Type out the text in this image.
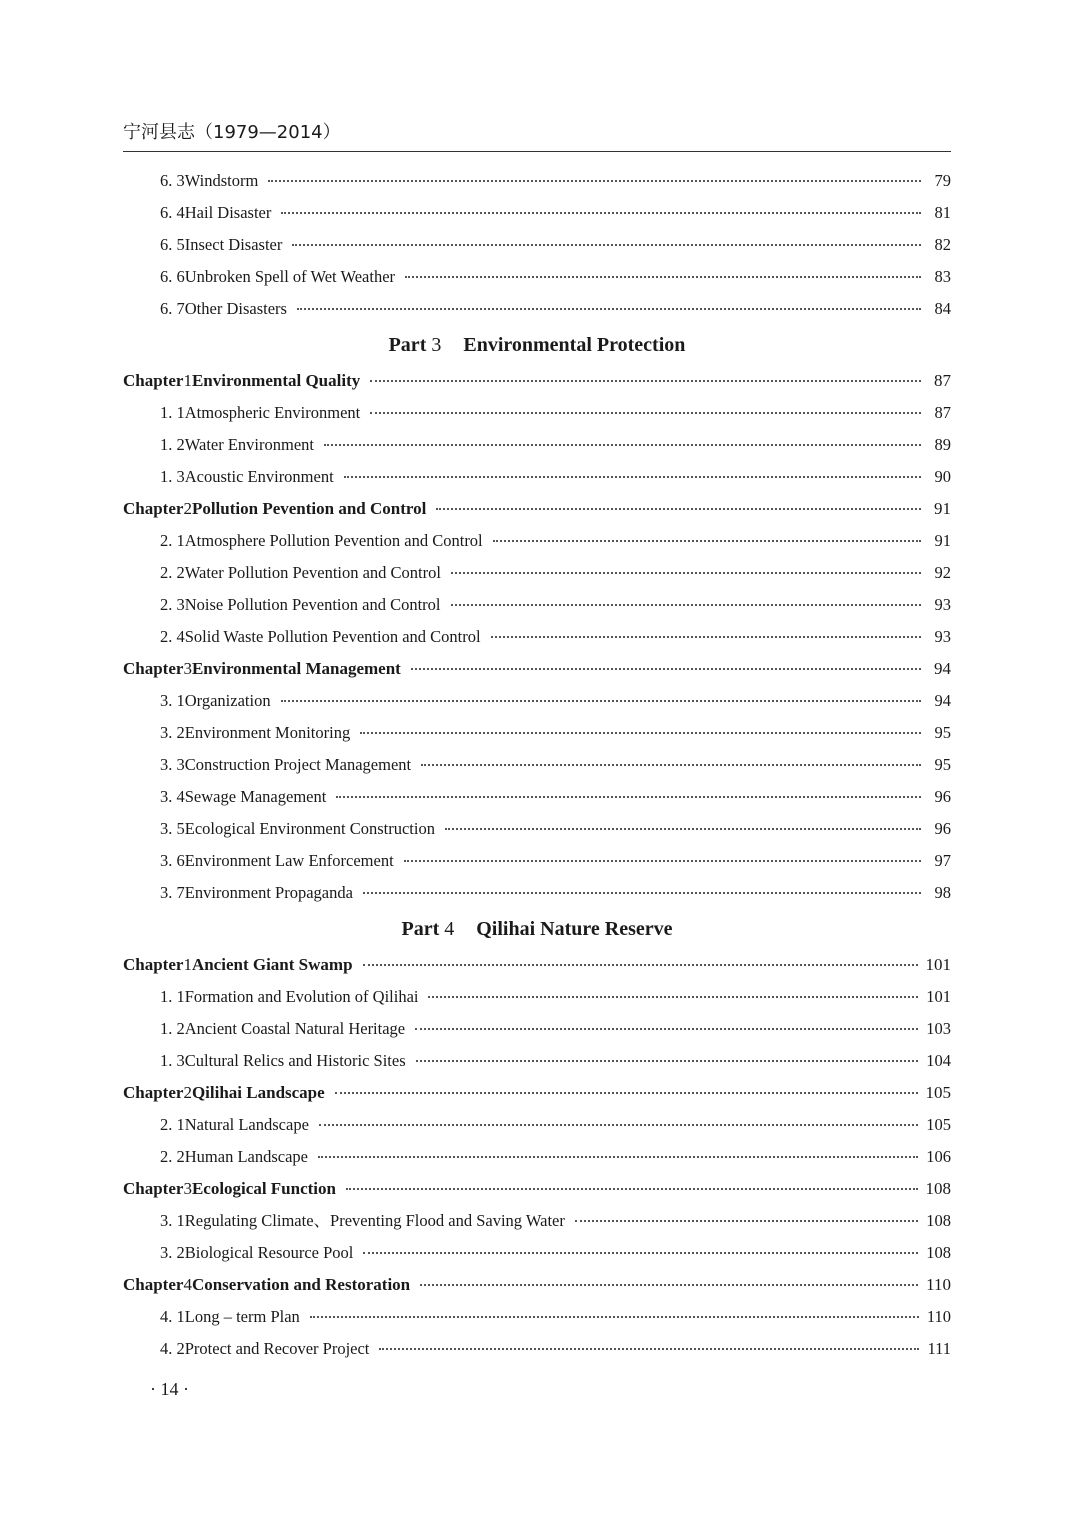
宁河县志（1979—2014）
6. 3 Windstorm	79
6. 4 Hail Disaster	81
6. 5 Insect Disaster	82
6. 6 Unbroken Spell of Wet Weather	83
6. 7 Other Disasters	84
Part 3 Environmental Protection
Chapter 1 Environmental Quality	87
1. 1 Atmospheric Environment	87
1. 2 Water Environment	89
1. 3 Acoustic Environment	90
Chapter 2 Pollution Pevention and Control	91
2. 1 Atmosphere Pollution Pevention and Control	91
2. 2 Water Pollution Pevention and Control	92
2. 3 Noise Pollution Pevention and Control	93
2. 4 Solid Waste Pollution Pevention and Control	93
Chapter 3 Environmental Management	94
3. 1 Organization	94
3. 2 Environment Monitoring	95
3. 3 Construction Project Management	95
3. 4 Sewage Management	96
3. 5 Ecological Environment Construction	96
3. 6 Environment Law Enforcement	97
3. 7 Environment Propaganda	98
Part 4 Qilihai Nature Reserve
Chapter 1 Ancient Giant Swamp	101
1. 1 Formation and Evolution of Qilihai	101
1. 2 Ancient Coastal Natural Heritage	103
1. 3 Cultural Relics and Historic Sites	104
Chapter 2 Qilihai Landscape	105
2. 1 Natural Landscape	105
2. 2 Human Landscape	106
Chapter 3 Ecological Function	108
3. 1 Regulating Climate、Preventing Flood and Saving Water	108
3. 2 Biological Resource Pool	108
Chapter 4 Conservation and Restoration	110
4. 1 Long – term Plan	110
4. 2 Protect and Recover Project	111
· 14 ·
